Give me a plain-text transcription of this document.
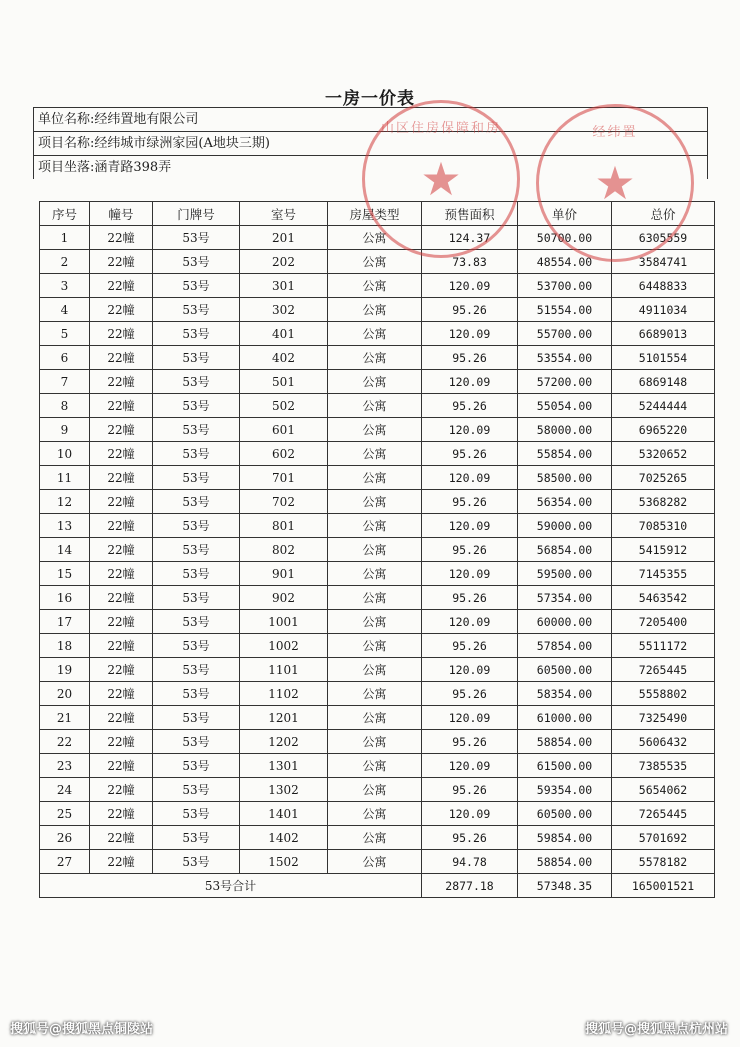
一房一价表
单位名称:经纬置地有限公司
项目名称:经纬城市绿洲家园(A地块三期)
项目坐落:涵青路398弄
序号	幢号	门牌号	室号	房屋类型	预售面积	单价	总价
1	22幢	53号	201	公寓	124.37	50700.00	6305559
2	22幢	53号	202	公寓	73.83	48554.00	3584741
3	22幢	53号	301	公寓	120.09	53700.00	6448833
4	22幢	53号	302	公寓	95.26	51554.00	4911034
5	22幢	53号	401	公寓	120.09	55700.00	6689013
6	22幢	53号	402	公寓	95.26	53554.00	5101554
7	22幢	53号	501	公寓	120.09	57200.00	6869148
8	22幢	53号	502	公寓	95.26	55054.00	5244444
9	22幢	53号	601	公寓	120.09	58000.00	6965220
10	22幢	53号	602	公寓	95.26	55854.00	5320652
11	22幢	53号	701	公寓	120.09	58500.00	7025265
12	22幢	53号	702	公寓	95.26	56354.00	5368282
13	22幢	53号	801	公寓	120.09	59000.00	7085310
14	22幢	53号	802	公寓	95.26	56854.00	5415912
15	22幢	53号	901	公寓	120.09	59500.00	7145355
16	22幢	53号	902	公寓	95.26	57354.00	5463542
17	22幢	53号	1001	公寓	120.09	60000.00	7205400
18	22幢	53号	1002	公寓	95.26	57854.00	5511172
19	22幢	53号	1101	公寓	120.09	60500.00	7265445
20	22幢	53号	1102	公寓	95.26	58354.00	5558802
21	22幢	53号	1201	公寓	120.09	61000.00	7325490
22	22幢	53号	1202	公寓	95.26	58854.00	5606432
23	22幢	53号	1301	公寓	120.09	61500.00	7385535
24	22幢	53号	1302	公寓	95.26	59354.00	5654062
25	22幢	53号	1401	公寓	120.09	60500.00	7265445
26	22幢	53号	1402	公寓	95.26	59854.00	5701692
27	22幢	53号	1502	公寓	94.78	58854.00	5578182
53号合计					2877.18	57348.35	165001521
山区住房保障和房
★
经纬置
★
搜狐号@搜狐黑点铜陵站	搜狐号@搜狐黑点杭州站
